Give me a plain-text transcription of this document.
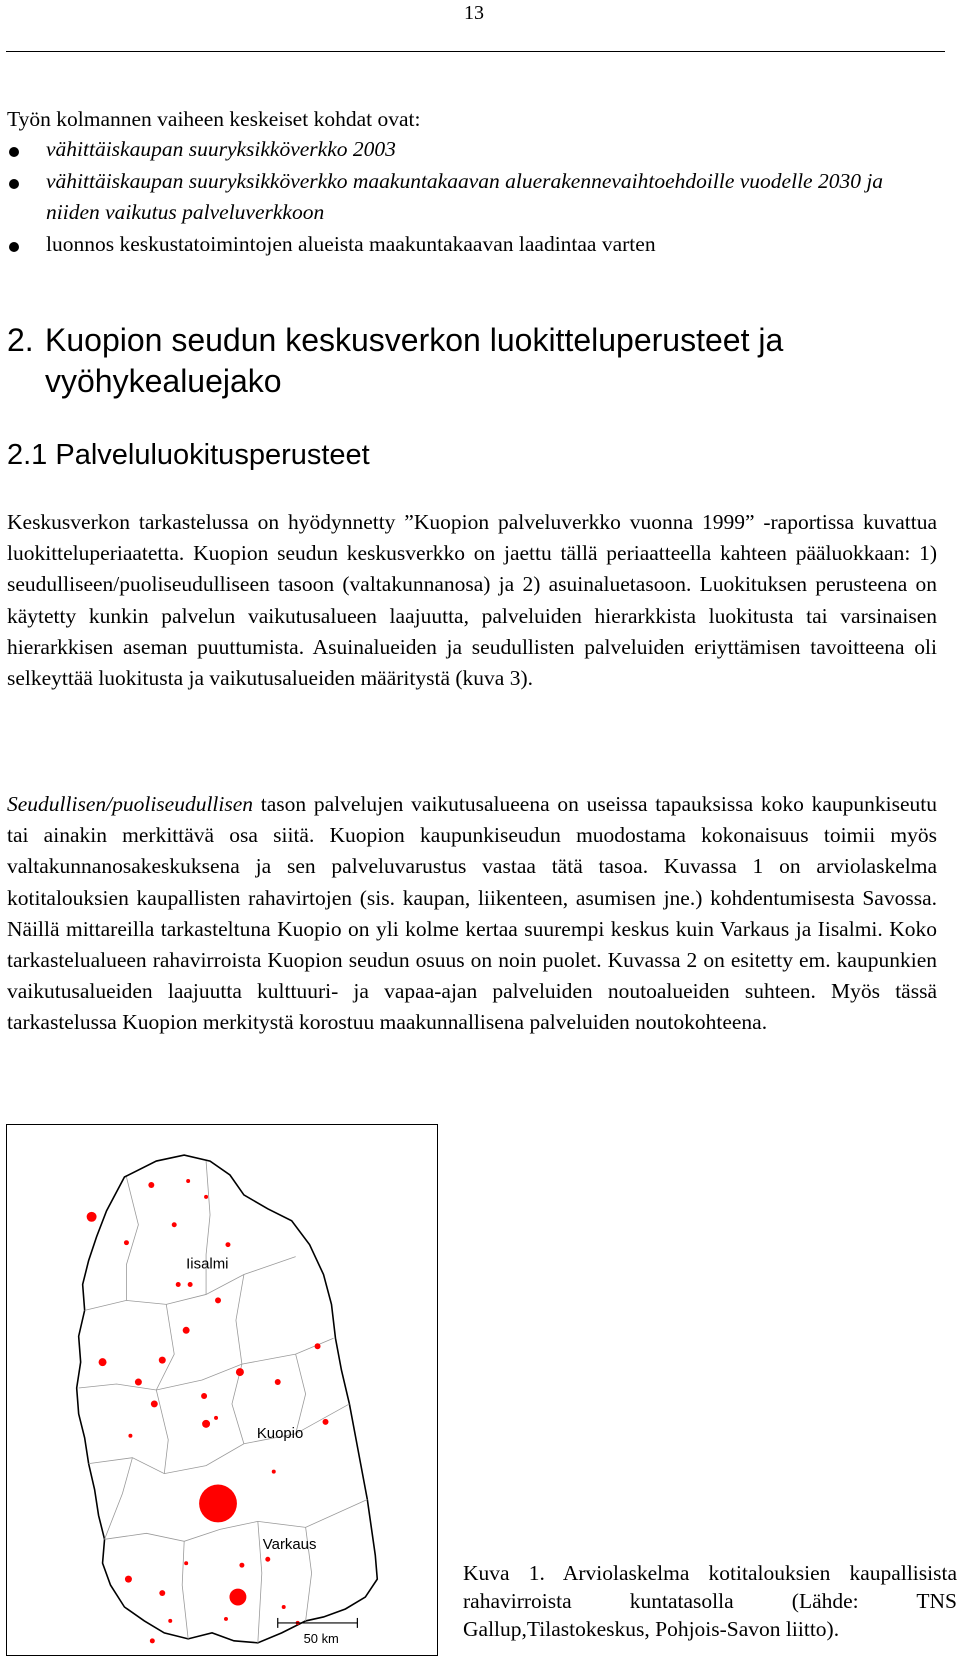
13
Työn kolmannen vaiheen keskeiset kohdat ovat:
vähittäiskaupan suuryksikköverkko 2003
vähittäiskaupan suuryksikköverkko maakuntakaavan aluerakennevaihtoehdoille vuodelle 2030 ja niiden vaikutus palveluverkkoon
luonnos keskustatoimintojen alueista maakuntakaavan laadintaa varten
2. Kuopion seudun keskusverkon luokitteluperusteet ja
vyöhykealuejako
2.1 Palveluluokitusperusteet

Keskusverkon tarkastelussa on hyödynnetty ”Kuopion palveluverkko vuonna 1999” -raportissa kuvattua luokitteluperiaatetta. Kuopion seudun keskusverkko on jaettu tällä periaatteella kahteen pääluokkaan: 1) seudulliseen/puoliseudulliseen tasoon (valtakunnanosa) ja 2) asuinaluetasoon. Luokituksen perusteena on käytetty kunkin palvelun vaikutusalueen laajuutta, palveluiden hierarkkista luokitusta tai varsinaisen hierarkkisen aseman puuttumista. Asuinalueiden ja seudullisten palveluiden eriyttämisen tavoitteena oli selkeyttää luokitusta ja vaikutusalueiden määritystä (kuva 3).

Seudullisen/puoliseudullisen tason palvelujen vaikutusalueena on useissa tapauksissa koko kaupunkiseutu tai ainakin merkittävä osa siitä. Kuopion kaupunkiseudun muodostama kokonaisuus toimii myös valtakunnanosakeskuksena ja sen palveluvarustus vastaa tätä tasoa. Kuvassa 1 on arviolaskelma kotitalouksien kaupallisten rahavirtojen (sis. kaupan, liikenteen, asumisen jne.) kohdentumisesta Savossa. Näillä mittareilla tarkasteltuna Kuopio on yli kolme kertaa suurempi keskus kuin Varkaus ja Iisalmi. Koko tarkastelualueen rahavirroista Kuopion seudun osuus on noin puolet. Kuvassa 2 on esitetty em. kaupunkien vaikutusalueiden laajuutta kulttuuri- ja vapaa-ajan palveluiden noutoalueiden suhteen. Myös tässä tarkastelussa Kuopion merkitystä korostuu maakunnallisena palveluiden noutokohteena.

Iisalmi
Kuopio
Varkaus
50 km

Kuva 1. Arviolaskelma kotitalouksien kaupallisista rahavirroista kuntatasolla (Lähde: TNS Gallup,Tilastokeskus, Pohjois-Savon liitto).
